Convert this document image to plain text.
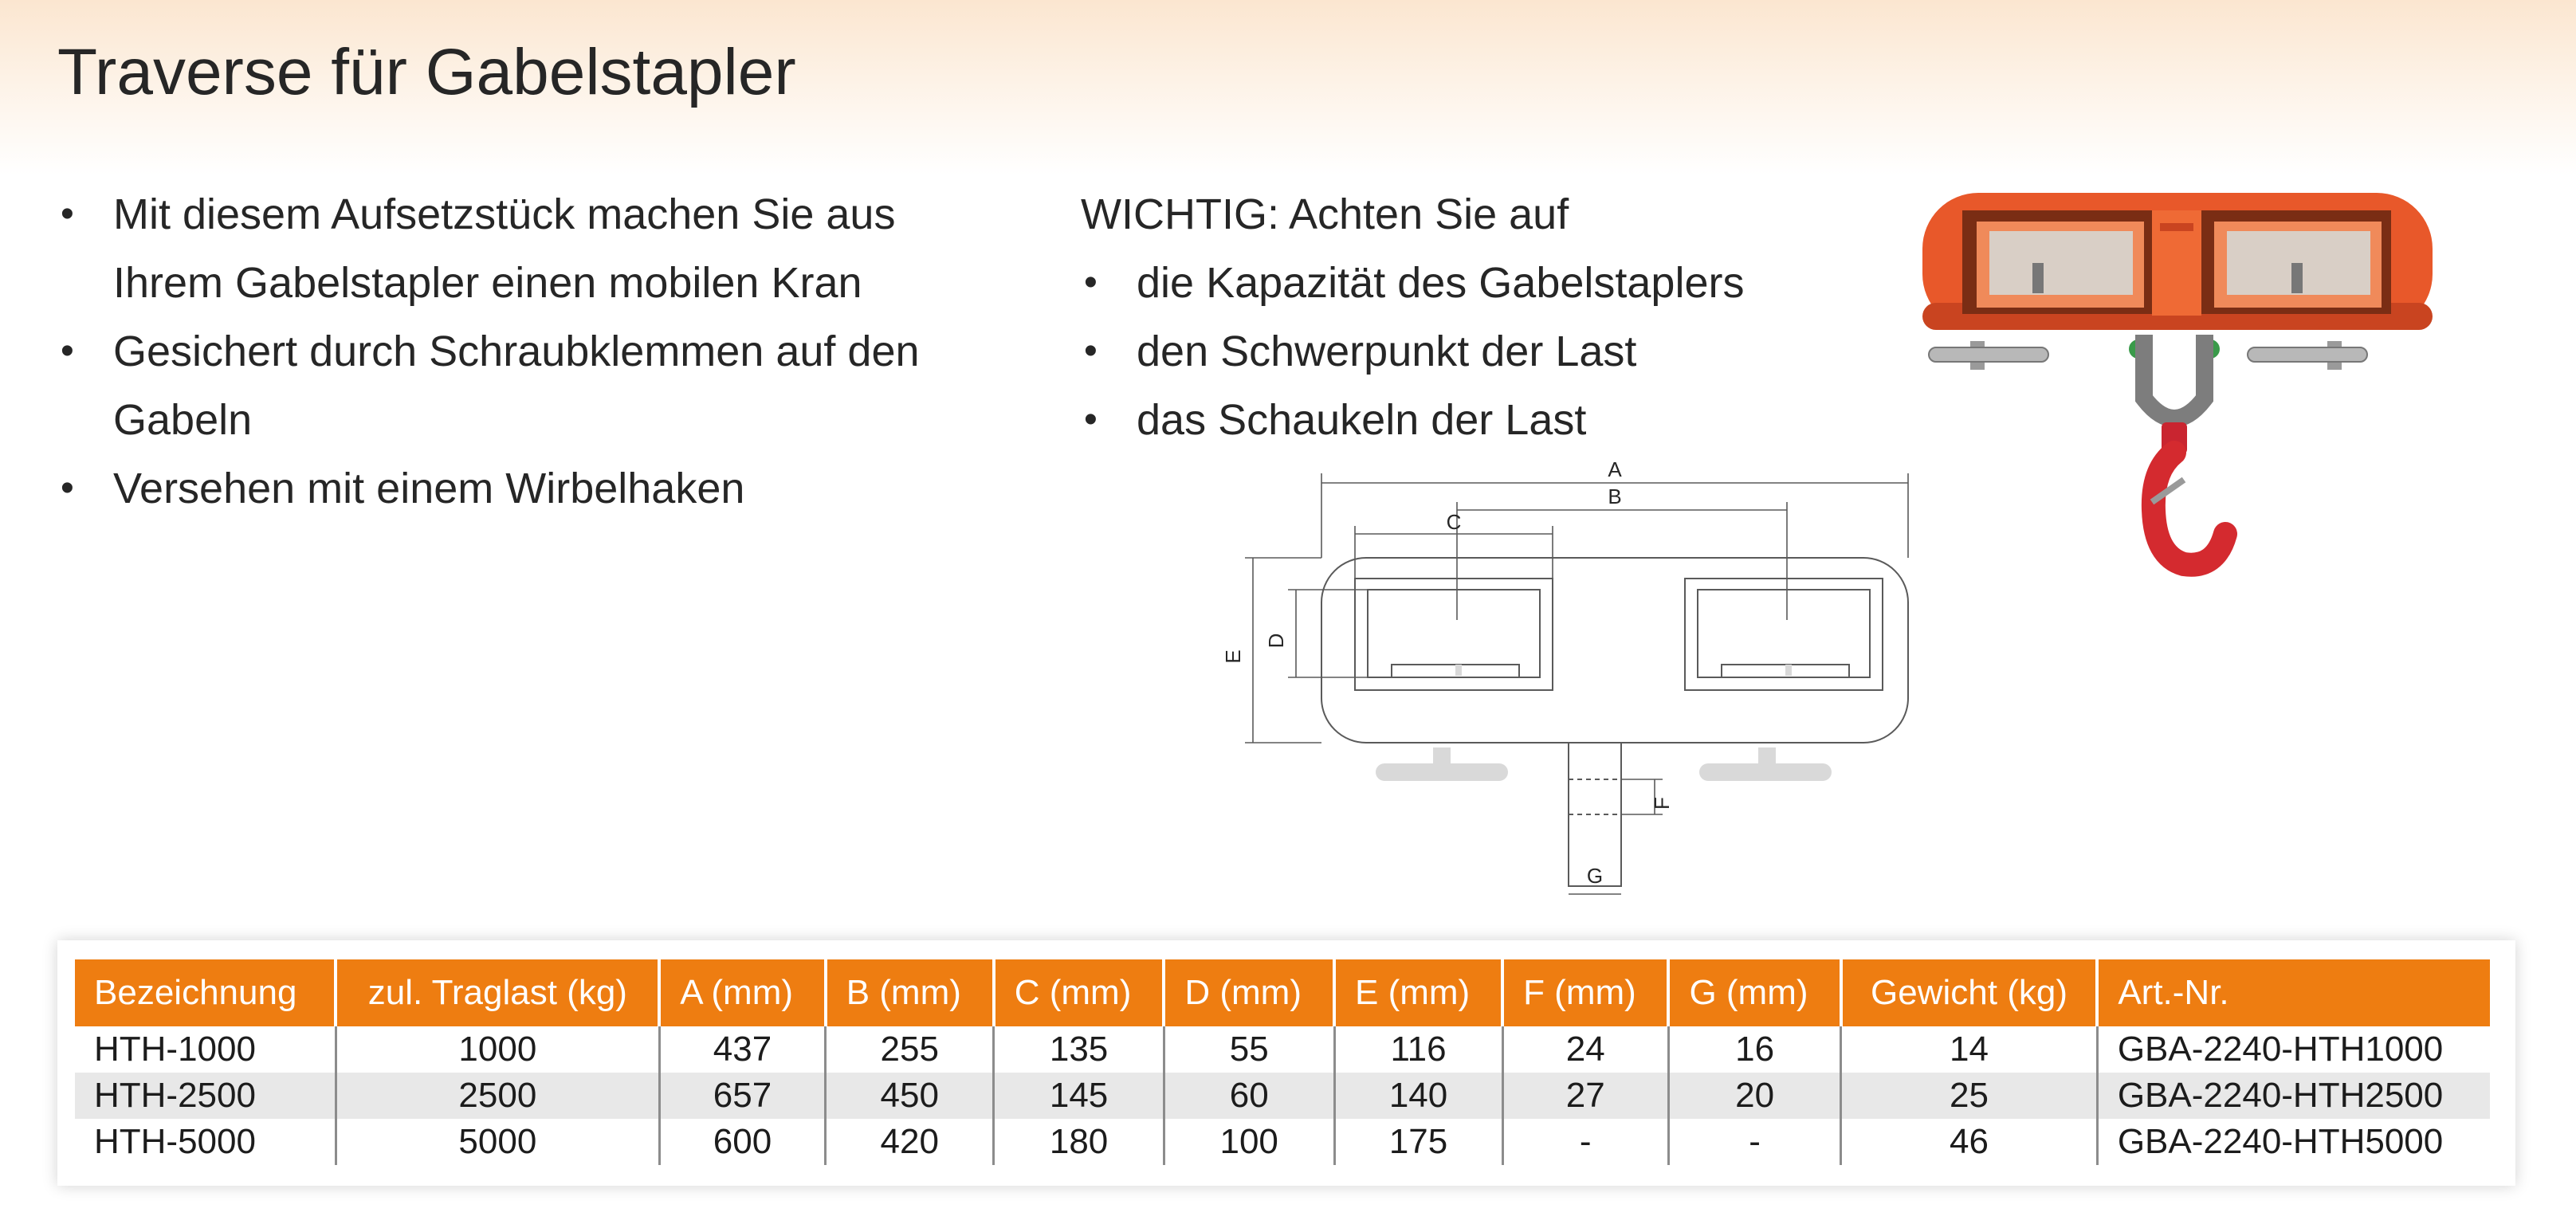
Traverse für Gabelstapler
• Mit diesem Aufsetzstück machen Sie aus Ihrem Gabelstapler einen mobilen Kran
• Gesichert durch Schraubklemmen auf den Gabeln
• Versehen mit einem Wirbelhaken
WICHTIG: Achten Sie auf
• die Kapazität des Gabelstaplers
• den Schwerpunkt der Last
• das Schaukeln der Last
A
B
C
D
E
F
G
Bezeichnung	zul. Traglast (kg)	A (mm)	B (mm)	C (mm)	D (mm)	E (mm)	F (mm)	G (mm)	Gewicht (kg)	Art.-Nr.
HTH-1000	1000	437	255	135	55	116	24	16	14	GBA-2240-HTH1000
HTH-2500	2500	657	450	145	60	140	27	20	25	GBA-2240-HTH2500
HTH-5000	5000	600	420	180	100	175	-	-	46	GBA-2240-HTH5000
